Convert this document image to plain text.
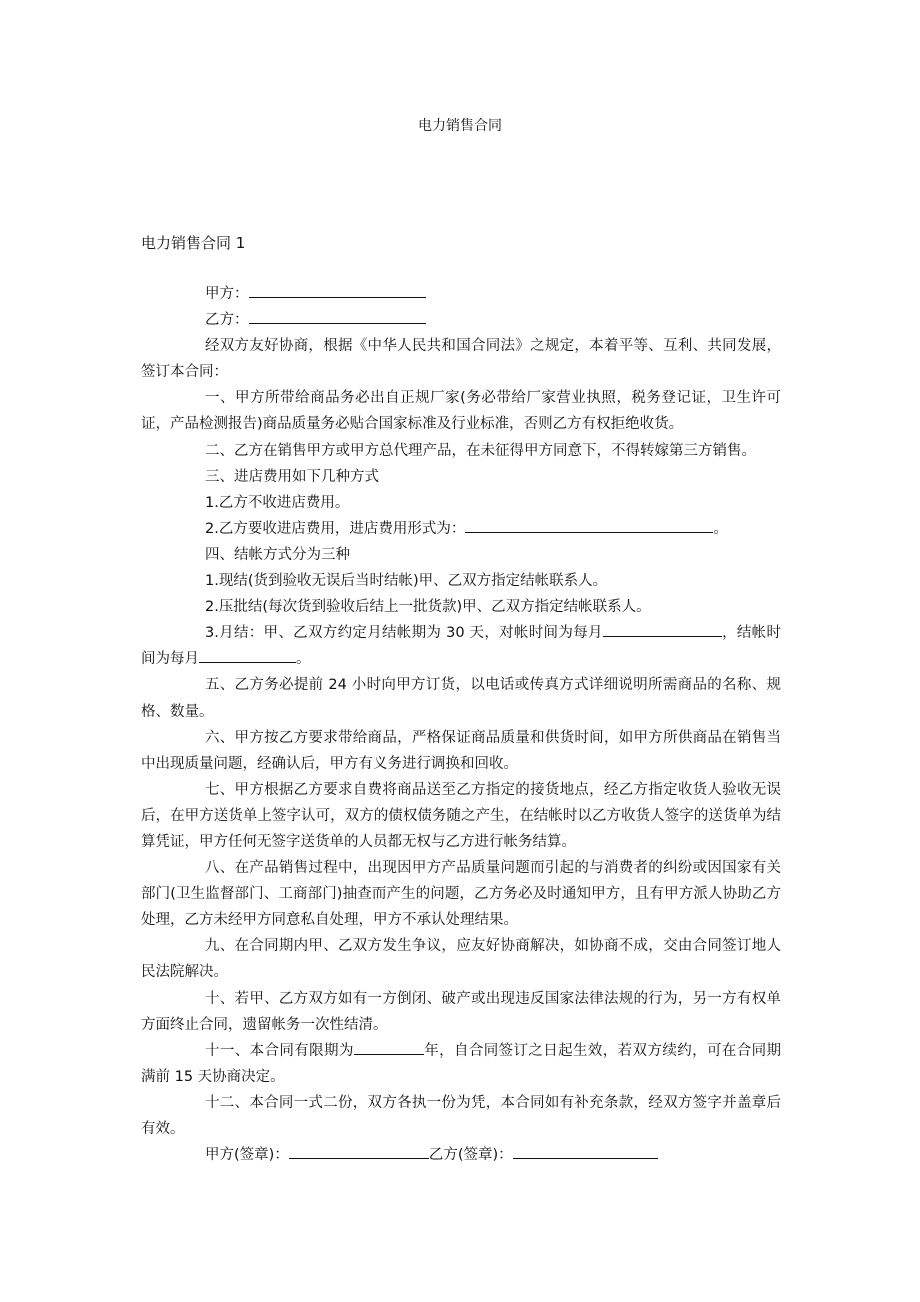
电力销售合同
电力销售合同 1

甲方：

乙方：

经双方友好协商，根据《中华人民共和国合同法》之规定，本着平等、互利、共同发展，签订本合同：

一、甲方所带给商品务必出自正规厂家(务必带给厂家营业执照，税务登记证，卫生许可证，产品检测报告)商品质量务必贴合国家标准及行业标准，否则乙方有权拒绝收货。

二、乙方在销售甲方或甲方总代理产品，在未征得甲方同意下，不得转嫁第三方销售。

三、进店费用如下几种方式

1.乙方不收进店费用。

2.乙方要收进店费用，进店费用形式为：	。

四、结帐方式分为三种

1.现结(货到验收无误后当时结帐)甲、乙双方指定结帐联系人。

2.压批结(每次货到验收后结上一批货款)甲、乙双方指定结帐联系人。

3.月结：甲、乙双方约定月结帐期为 30 天，对帐时间为每月	，结帐时间为每月	。

五、乙方务必提前 24 小时向甲方订货，以电话或传真方式详细说明所需商品的名称、规格、数量。

六、甲方按乙方要求带给商品，严格保证商品质量和供货时间，如甲方所供商品在销售当中出现质量问题，经确认后，甲方有义务进行调换和回收。

七、甲方根据乙方要求自费将商品送至乙方指定的接货地点，经乙方指定收货人验收无误后，在甲方送货单上签字认可，双方的债权债务随之产生，在结帐时以乙方收货人签字的送货单为结算凭证，甲方任何无签字送货单的人员都无权与乙方进行帐务结算。

八、在产品销售过程中，出现因甲方产品质量问题而引起的与消费者的纠纷或因国家有关部门(卫生监督部门、工商部门)抽查而产生的问题，乙方务必及时通知甲方，且有甲方派人协助乙方处理，乙方未经甲方同意私自处理，甲方不承认处理结果。

九、在合同期内甲、乙双方发生争议，应友好协商解决，如协商不成，交由合同签订地人民法院解决。

十、若甲、乙方双方如有一方倒闭、破产或出现违反国家法律法规的行为，另一方有权单方面终止合同，遗留帐务一次性结清。

十一、本合同有限期为	年，自合同签订之日起生效，若双方续约，可在合同期满前 15 天协商决定。

十二、本合同一式二份，双方各执一份为凭，本合同如有补充条款，经双方签字并盖章后有效。

甲方(签章)：	乙方(签章)：
